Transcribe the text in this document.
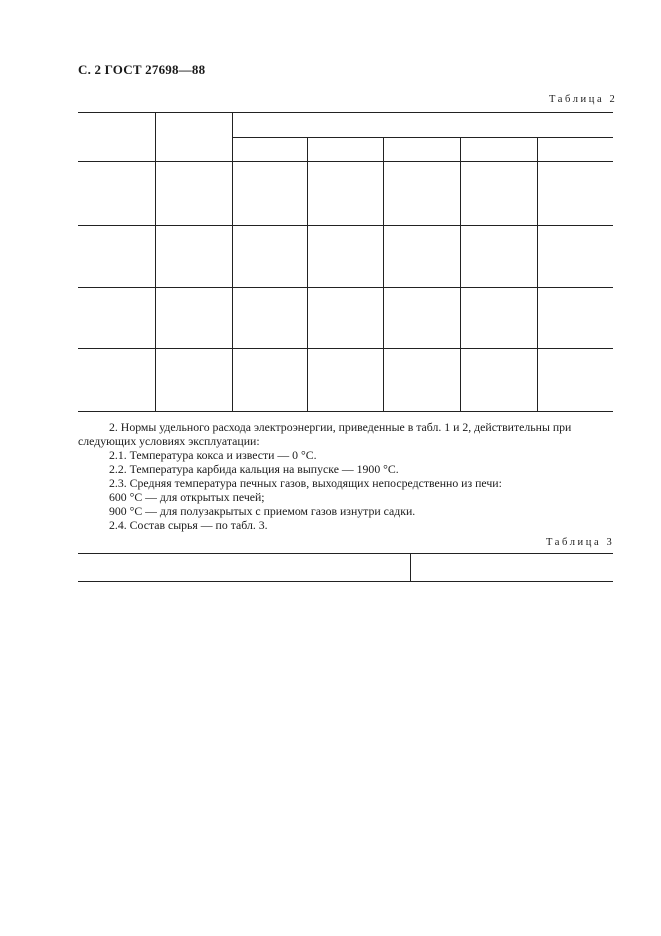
С. 2 ГОСТ 27698—88
Таблица 2
2. Нормы удельного расхода электроэнергии, приведенные в табл. 1 и 2, действительны при
следующих условиях эксплуатации:
2.1. Температура кокса и извести — 0 °С.
2.2. Температура карбида кальция на выпуске — 1900 °С.
2.3. Средняя температура печных газов, выходящих непосредственно из печи:
600 °С — для открытых печей;
900 °С — для полузакрытых с приемом газов изнутри садки.
2.4. Состав сырья — по табл. 3.
Таблица 3
